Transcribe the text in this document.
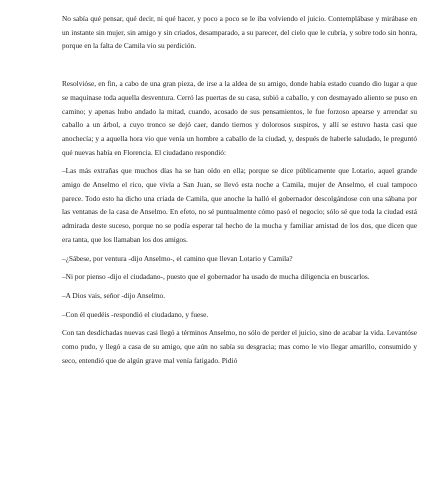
No sabía qué pensar, qué decir, ni qué hacer, y poco a poco se le iba volviendo el juicio. Contemplábase y mirábase en un instante sin mujer, sin amigo y sin criados, desamparado, a su parecer, del cielo que le cubría, y sobre todo sin honra, porque en la falta de Camila vio su perdición.

Resolvióse, en fin, a cabo de una gran pieza, de irse a la aldea de su amigo, donde había estado cuando dio lugar a que se maquinase toda aquella desventura. Cerró las puertas de su casa, subió a caballo, y con desmayado aliento se puso en camino; y apenas hubo andado la mitad, cuando, acosado de sus pensamientos, le fue forzoso apearse y arrendar su caballo a un árbol, a cuyo tronco se dejó caer, dando tiernos y dolorosos suspiros, y allí se estuvo hasta casi que anochecía; y a aquella hora vio que venía un hombre a caballo de la ciudad, y, después de haberle saludado, le preguntó qué nuevas había en Florencia. El ciudadano respondió:

–Las más extrañas que muchos días ha se han oído en ella; porque se dice públicamente que Lotario, aquel grande amigo de Anselmo el rico, que vivía a San Juan, se llevó esta noche a Camila, mujer de Anselmo, el cual tampoco parece. Todo esto ha dicho una criada de Camila, que anoche la halló el gobernador descolgándose con una sábana por las ventanas de la casa de Anselmo. En efeto, no sé puntualmente cómo pasó el negocio; sólo sé que toda la ciudad está admirada deste suceso, porque no se podía esperar tal hecho de la mucha y familiar amistad de los dos, que dicen que era tanta, que los llamaban los dos amigos.

–¿Sábese, por ventura -dijo Anselmo-, el camino que llevan Lotario y Camila?

–Ni por pienso -dijo el ciudadano-, puesto que el gobernador ha usado de mucha diligencia en buscarlos.

–A Dios vais, señor -dijo Anselmo.

–Con él quedéis -respondió el ciudadano, y fuese.

Con tan desdichadas nuevas casi llegó a términos Anselmo, no sólo de perder el juicio, sino de acabar la vida. Levantóse como pudo, y llegó a casa de su amigo, que aún no sabía su desgracia; mas como le vio llegar amarillo, consumido y seco, entendió que de algún grave mal venía fatigado. Pidió
